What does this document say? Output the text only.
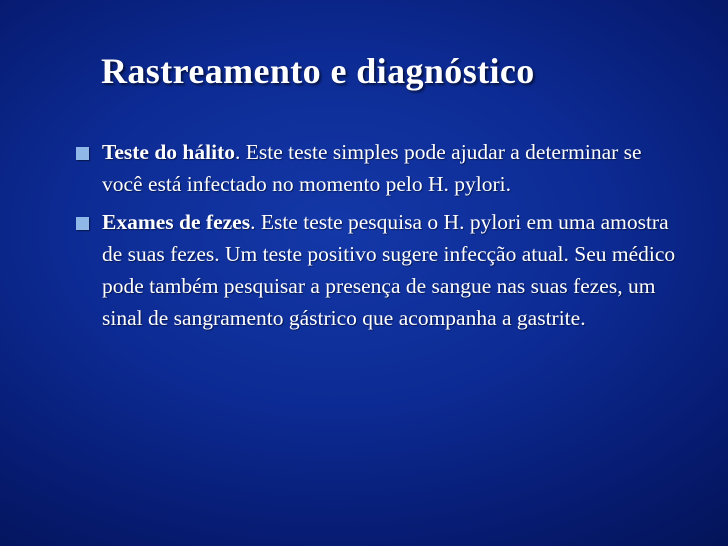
Rastreamento e diagnóstico
Teste do hálito. Este teste simples pode ajudar a determinar se você está infectado no momento pelo H. pylori.
Exames de fezes. Este teste pesquisa o H. pylori em uma amostra de suas fezes. Um teste positivo sugere infecção atual. Seu médico pode também pesquisar a presença de sangue nas suas fezes, um sinal de sangramento gástrico que acompanha a gastrite.
